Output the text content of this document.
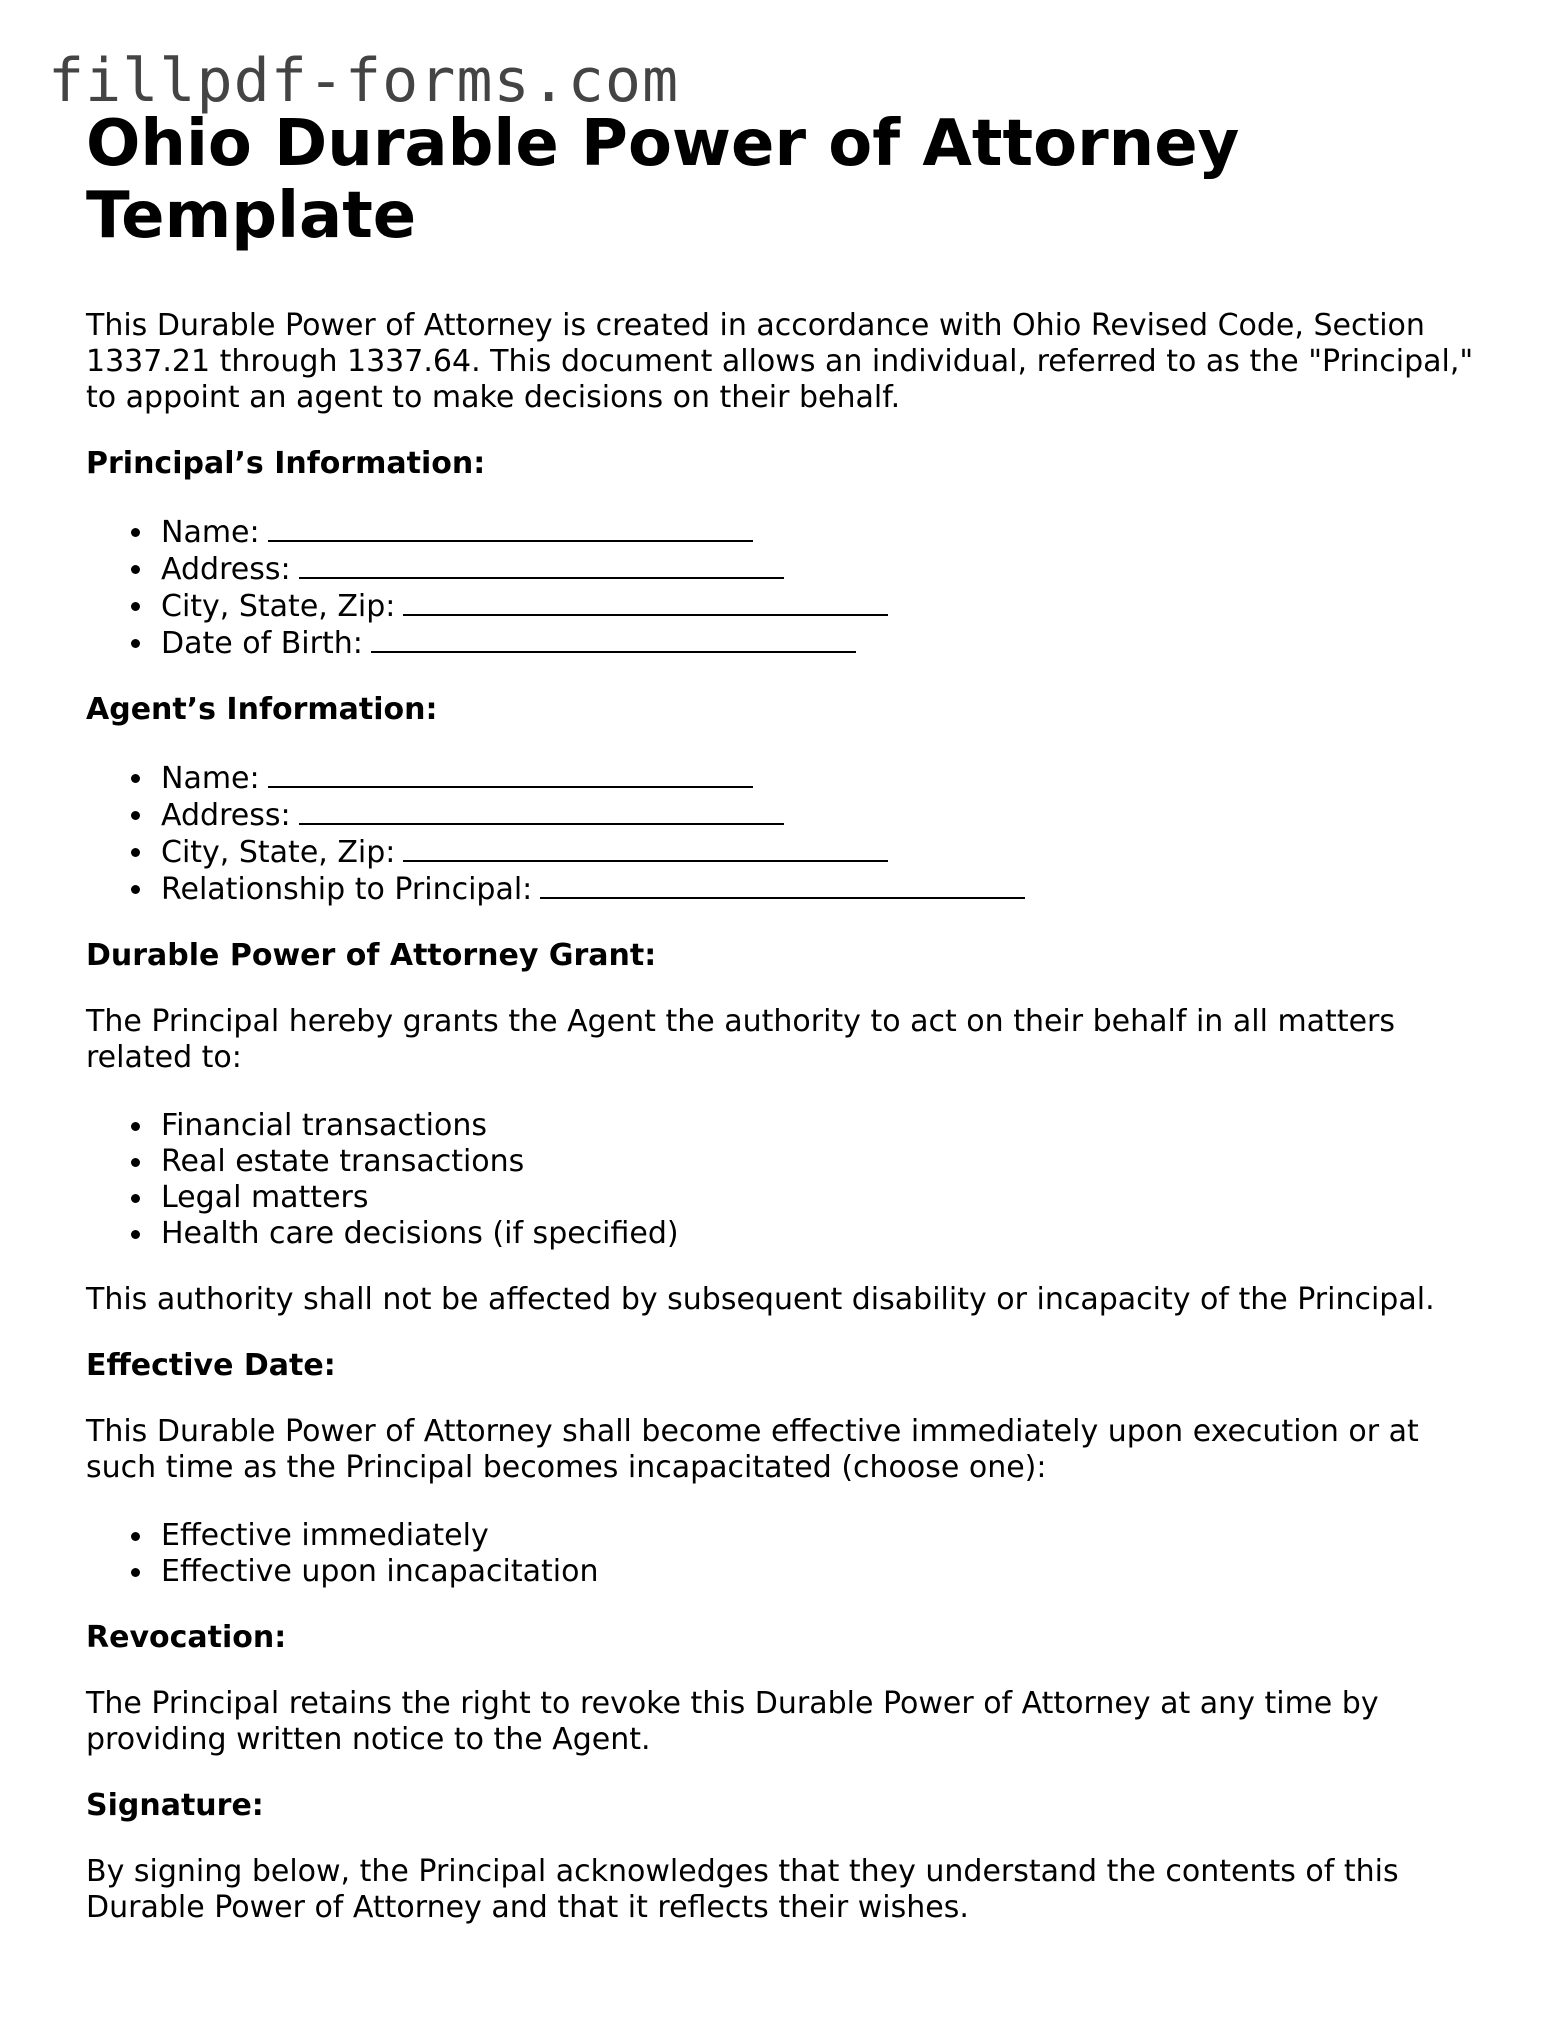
fillpdf-forms.com
Ohio Durable Power of Attorney Template

This Durable Power of Attorney is created in accordance with Ohio Revised Code, Section 1337.21 through 1337.64. This document allows an individual, referred to as the "Principal," to appoint an agent to make decisions on their behalf.

Principal’s Information:
Name:
Address:
City, State, Zip:
Date of Birth:
Agent’s Information:
Name:
Address:
City, State, Zip:
Relationship to Principal:
Durable Power of Attorney Grant:

The Principal hereby grants the Agent the authority to act on their behalf in all matters related to:

Financial transactions
Real estate transactions
Legal matters
Health care decisions (if specified)

This authority shall not be affected by subsequent disability or incapacity of the Principal.

Effective Date:

This Durable Power of Attorney shall become effective immediately upon execution or at such time as the Principal becomes incapacitated (choose one):

Effective immediately
Effective upon incapacitation
Revocation:

The Principal retains the right to revoke this Durable Power of Attorney at any time by providing written notice to the Agent.

Signature:

By signing below, the Principal acknowledges that they understand the contents of this Durable Power of Attorney and that it reflects their wishes.
